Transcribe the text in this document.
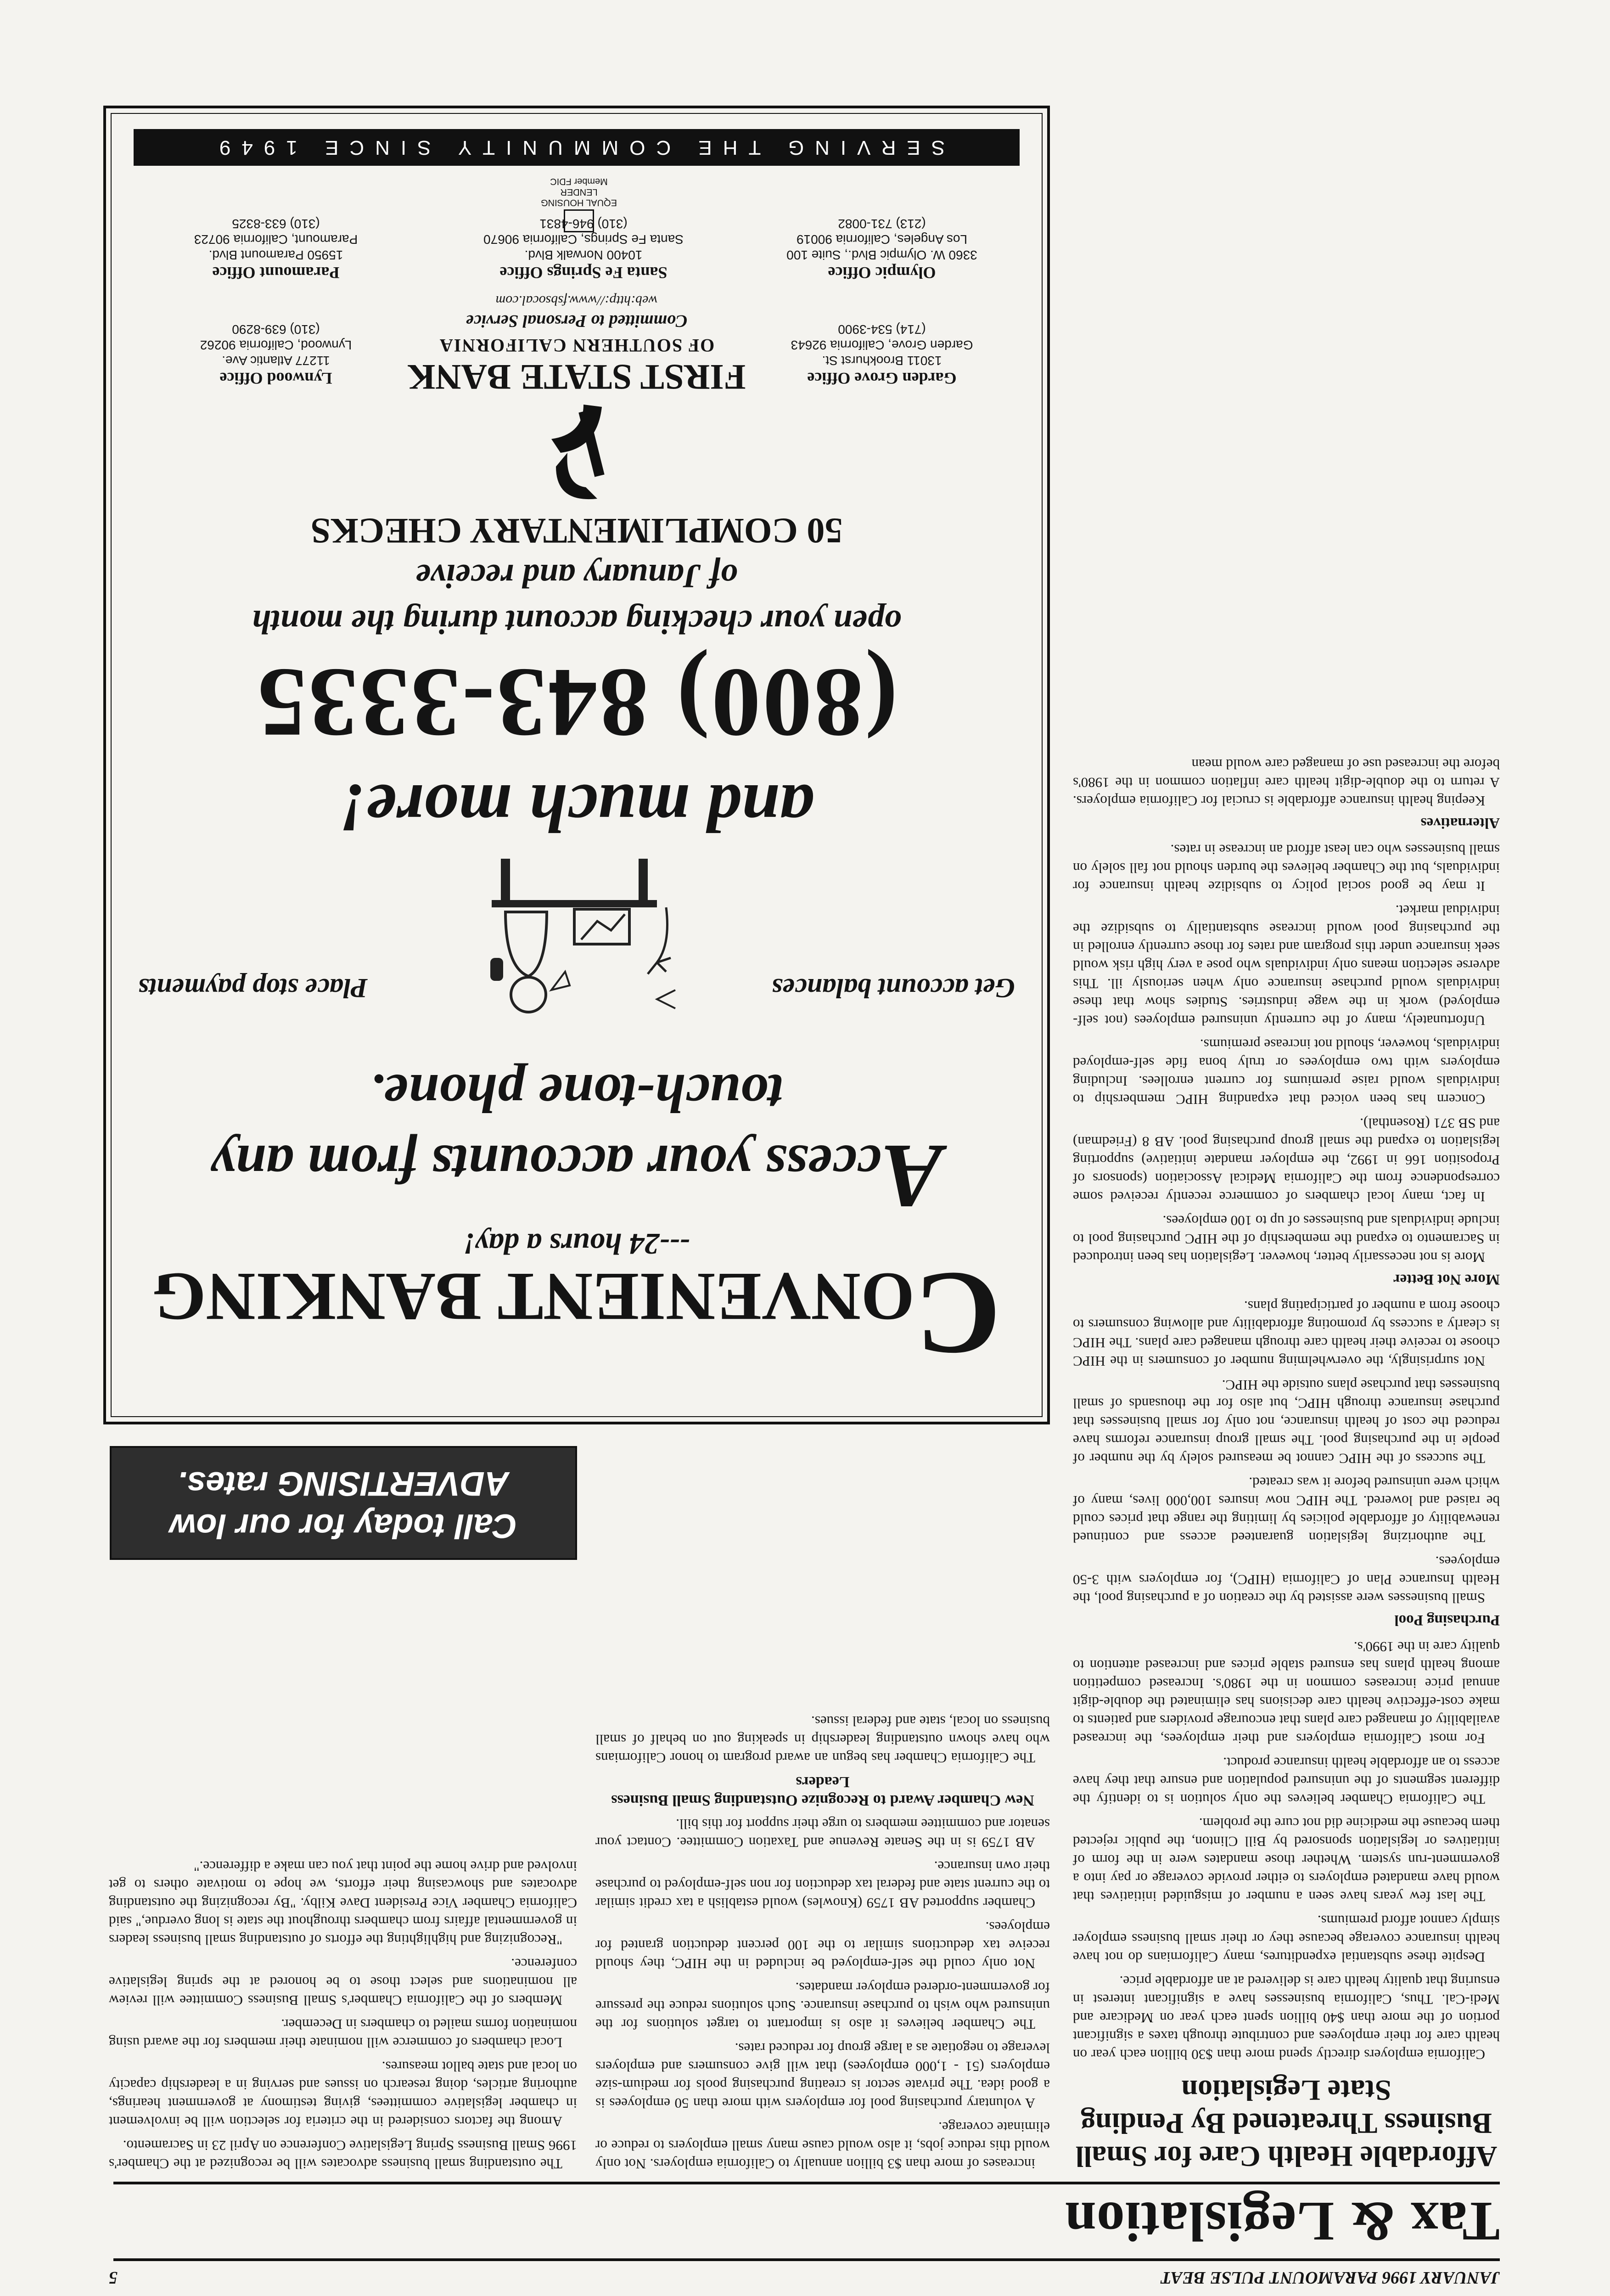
JANUARY 1996 PARAMOUNT PULSE BEAT
5
Tax & Legislation
Affordable Health Care for Small Business Threatened By Pending State Legislation

California employers directly spend more than $30 billion each year on health care for their employees and contribute through taxes a significant portion of the more than $40 billion spent each year on Medicare and Medi-Cal. Thus, California businesses have a significant interest in ensuring that quality health care is delivered at an affordable price.

Despite these substantial expenditures, many Californians do not have health insurance coverage because they or their small business employer simply cannot afford premiums.

The last few years have seen a number of misguided initiatives that would have mandated employers to either provide coverage or pay into a government-run system. Whether those mandates were in the form of initiatives or legislation sponsored by Bill Clinton, the public rejected them because the medicine did not cure the problem.

The California Chamber believes the only solution is to identify the different segments of the uninsured population and ensure that they have access to an affordable health insurance product.

For most California employers and their employees, the increased availability of managed care plans that encourage providers and patients to make cost-effective health care decisions has eliminated the double-digit annual price increases common in the 1980's. Increased competition among health plans has ensured stable prices and increased attention to quality care in the 1990's.

Purchasing Pool

Small businesses were assisted by the creation of a purchasing pool, the Health Insurance Plan of California (HIPC), for employers with 3-50 employees.

The authorizing legislation guaranteed access and continued renewability of affordable policies by limiting the range that prices could be raised and lowered. The HIPC now insures 100,000 lives, many of which were uninsured before it was created.

The success of the HIPC cannot be measured solely by the number of people in the purchasing pool. The small group insurance reforms have reduced the cost of health insurance, not only for small businesses that purchase insurance through HIPC, but also for the thousands of small businesses that purchase plans outside the HIPC.

Not surprisingly, the overwhelming number of consumers in the HIPC choose to receive their health care through managed care plans. The HIPC is clearly a success by promoting affordability and allowing consumers to choose from a number of participating plans.

More Not Better

More is not necessarily better, however. Legislation has been introduced in Sacramento to expand the membership of the HIPC purchasing pool to include individuals and businesses of up to 100 employees.

In fact, many local chambers of commerce recently received some correspondence from the California Medical Association (sponsors of Proposition 166 in 1992, the employer mandate initiative) supporting legislation to expand the small group purchasing pool. AB 8 (Friedman) and SB 371 (Rosenthal).

Concern has been voiced that expanding HIPC membership to individuals would raise premiums for current enrollees. Including employers with two employees or truly bona fide self-employed individuals, however, should not increase premiums.

Unfortunately, many of the currently uninsured employees (not self-employed) work in the wage industries. Studies show that these individuals would purchase insurance only when seriously ill. This adverse selection means only individuals who pose a very high risk would seek insurance under this program and rates for those currently enrolled in the purchasing pool would increase substantially to subsidize the individual market.

It may be good social policy to subsidize health insurance for individuals, but the Chamber believes the burden should not fall solely on small businesses who can least afford an increase in rates.

Alternatives

Keeping health insurance affordable is crucial for California employers. A return to the double-digit health care inflation common in the 1980's before the increased use of managed care would mean

increases of more than $3 billion annually to California employers. Not only would this reduce jobs, it also would cause many small employers to reduce or eliminate coverage.

A voluntary purchasing pool for employers with more than 50 employees is a good idea. The private sector is creating purchasing pools for medium-size employers (51 - 1,000 employees) that will give consumers and employers leverage to negotiate as a large group for reduced rates.

The Chamber believes it also is important to target solutions for the uninsured who wish to purchase insurance. Such solutions reduce the pressure for government-ordered employer mandates.

Not only could the self-employed be included in the HIPC, they should receive tax deductions similar to the 100 percent deduction granted for employees.

Chamber supported AB 1759 (Knowles) would establish a tax credit similar to the current state and federal tax deduction for non self-employed to purchase their own insurance.

AB 1759 is in the Senate Revenue and Taxation Committee. Contact your senator and committee members to urge their support for this bill.

New Chamber Award to Recognize Outstanding Small Business Leaders

The California Chamber has begun an award program to honor Californians who have shown outstanding leadership in speaking out on behalf of small business on local, state and federal issues.

The outstanding small business advocates will be recognized at the Chamber's 1996 Small Business Spring Legislative Conference on April 23 in Sacramento.

Among the factors considered in the criteria for selection will be involvement in chamber legislative committees, giving testimony at government hearings, authoring articles, doing research on issues and serving in a leadership capacity on local and state ballot measures.

Local chambers of commerce will nominate their members for the award using nomination forms mailed to chambers in December.

Members of the California Chamber's Small Business Committee will review all nominations and select those to be honored at the spring legislative conference.

"Recognizing and highlighting the efforts of outstanding small business leaders in governmental affairs from chambers throughout the state is long overdue," said California Chamber Vice President Dave Kilby. "By recognizing the outstanding advocates and showcasing their efforts, we hope to motivate others to get involved and drive home the point that you can make a difference."

Call today for our low
ADVERTISING rates.
CONVENIENT BANKING
---24 hours a day!
Access your accounts from any
touch-tone phone.
Get account balances
Place stop payments
and much more!
(800) 843-3335
open your checking account during the month
of January and receive
50 COMPLIMENTARY CHECKS
FIRST STATE BANK
OF SOUTHERN CALIFORNIA
Committed to Personal Service
web:http://www.fsbsocal.com
Garden Grove Office
13011 Brookhurst St.
Garden Grove, California 92643
(714) 534-3900
Lynwood Office
11277 Atlantic Ave.
Lynwood, California 90262
(310) 639-8290
Santa Fe Springs Office
10400 Norwalk Blvd.
Santa Fe Springs, California 90670
(310) 946-4831
Olympic Office
3360 W. Olympic Blvd., Suite 100
Los Angeles, California 90019
(213) 731-0082
Paramount Office
15950 Paramount Blvd.
Paramount, California 90723
(310) 633-8325
EQUAL HOUSING LENDER
Member FDIC
SERVING THE COMMUNITY SINCE 1949
